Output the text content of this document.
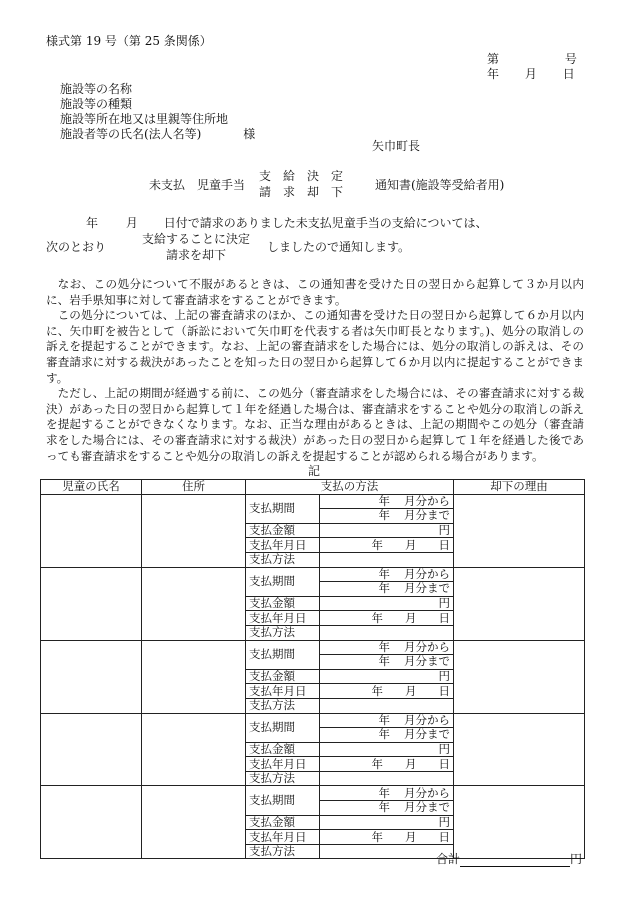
様式第 19 号（第 25 条関係）
第	号
年 月 日
施設等の名称
施設等の種類
施設等所在地又は里親等住所地
施設者等の氏名(法人名等)	様
矢巾町長
未支払　児童手当
支　給　決　定
請　求　却　下	通知書(施設等受給者用)
年 月 日付で請求のありました未支払児童手当の支給については、
次のとおり
支給することに決定
請求を却下
しましたので通知します。

なお、この処分について不服があるときは、この通知書を受けた日の翌日から起算して３か月以内に、岩手県知事に対して審査請求をすることができます。

この処分については、上記の審査請求のほか、この通知書を受けた日の翌日から起算して６か月以内に、矢巾町を被告として（訴訟において矢巾町を代表する者は矢巾町長となります。)、処分の取消しの訴えを提起することができます。なお、上記の審査請求をした場合には、処分の取消しの訴えは、その審査請求に対する裁決があったことを知った日の翌日から起算して６か月以内に提起することができます。

ただし、上記の期間が経過する前に、この処分（審査請求をした場合には、その審査請求に対する裁決）があった日の翌日から起算して１年を経過した場合は、審査請求をすることや処分の取消しの訴えを提起することができなくなります。なお、正当な理由があるときは、上記の期間やこの処分（審査請求をした場合には、その審査請求に対する裁決）があった日の翌日から起算して１年を経過した後であっても審査請求をすることや処分の取消しの訴えを提起することが認められる場合があります。

記
児童の氏名	住所	支払の方法		却下の理由
		支払期間	年 月分から	
			年 月分まで	
		支払金額	円	
		支払年月日	年 月 日	
		支払方法		
		支払期間	年 月分から	
			年 月分まで	
		支払金額	円	
		支払年月日	年 月 日	
		支払方法		
		支払期間	年 月分から	
			年 月分まで	
		支払金額	円	
		支払年月日	年 月 日	
		支払方法		
		支払期間	年 月分から	
			年 月分まで	
		支払金額	円	
		支払年月日	年 月 日	
		支払方法		
		支払期間	年 月分から	
			年 月分まで	
		支払金額	円	
		支払年月日	年 月 日	
		支払方法		
合計	円
